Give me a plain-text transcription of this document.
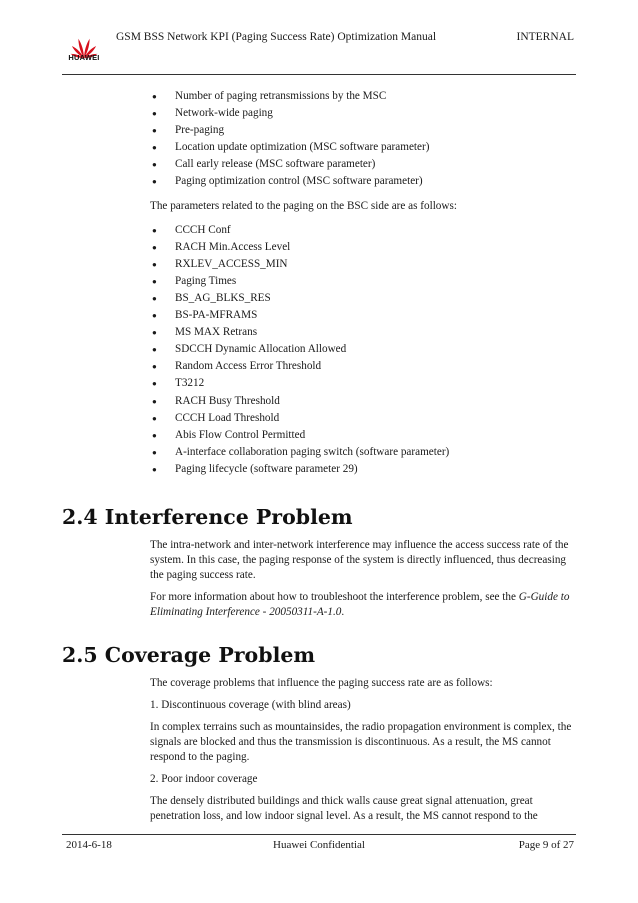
HUAWEI
GSM BSS Network KPI (Paging Success Rate) Optimization Manual	INTERNAL
● Number of paging retransmissions by the MSC
● Network-wide paging
● Pre-paging
● Location update optimization (MSC software parameter)
● Call early release (MSC software parameter)
● Paging optimization control (MSC software parameter)

The parameters related to the paging on the BSC side are as follows:

● CCCH Conf
● RACH Min.Access Level
● RXLEV_ACCESS_MIN
● Paging Times
● BS_AG_BLKS_RES
● BS-PA-MFRAMS
● MS MAX Retrans
● SDCCH Dynamic Allocation Allowed
● Random Access Error Threshold
● T3212
● RACH Busy Threshold
● CCCH Load Threshold
● Abis Flow Control Permitted
● A-interface collaboration paging switch (software parameter)
● Paging lifecycle (software parameter 29)
2.4 Interference Problem

The intra-network and inter-network interference may influence the access success rate of the system. In this case, the paging response of the system is directly influenced, thus decreasing the paging success rate.

For more information about how to troubleshoot the interference problem, see the G-Guide to Eliminating Interference - 20050311-A-1.0.

2.5 Coverage Problem

The coverage problems that influence the paging success rate are as follows:

1. Discontinuous coverage (with blind areas)

In complex terrains such as mountainsides, the radio propagation environment is complex, the signals are blocked and thus the transmission is discontinuous. As a result, the MS cannot respond to the paging.

2. Poor indoor coverage

The densely distributed buildings and thick walls cause great signal attenuation, great penetration loss, and low indoor signal level. As a result, the MS cannot respond to the

2014-6-18	Huawei Confidential	Page 9 of 27
